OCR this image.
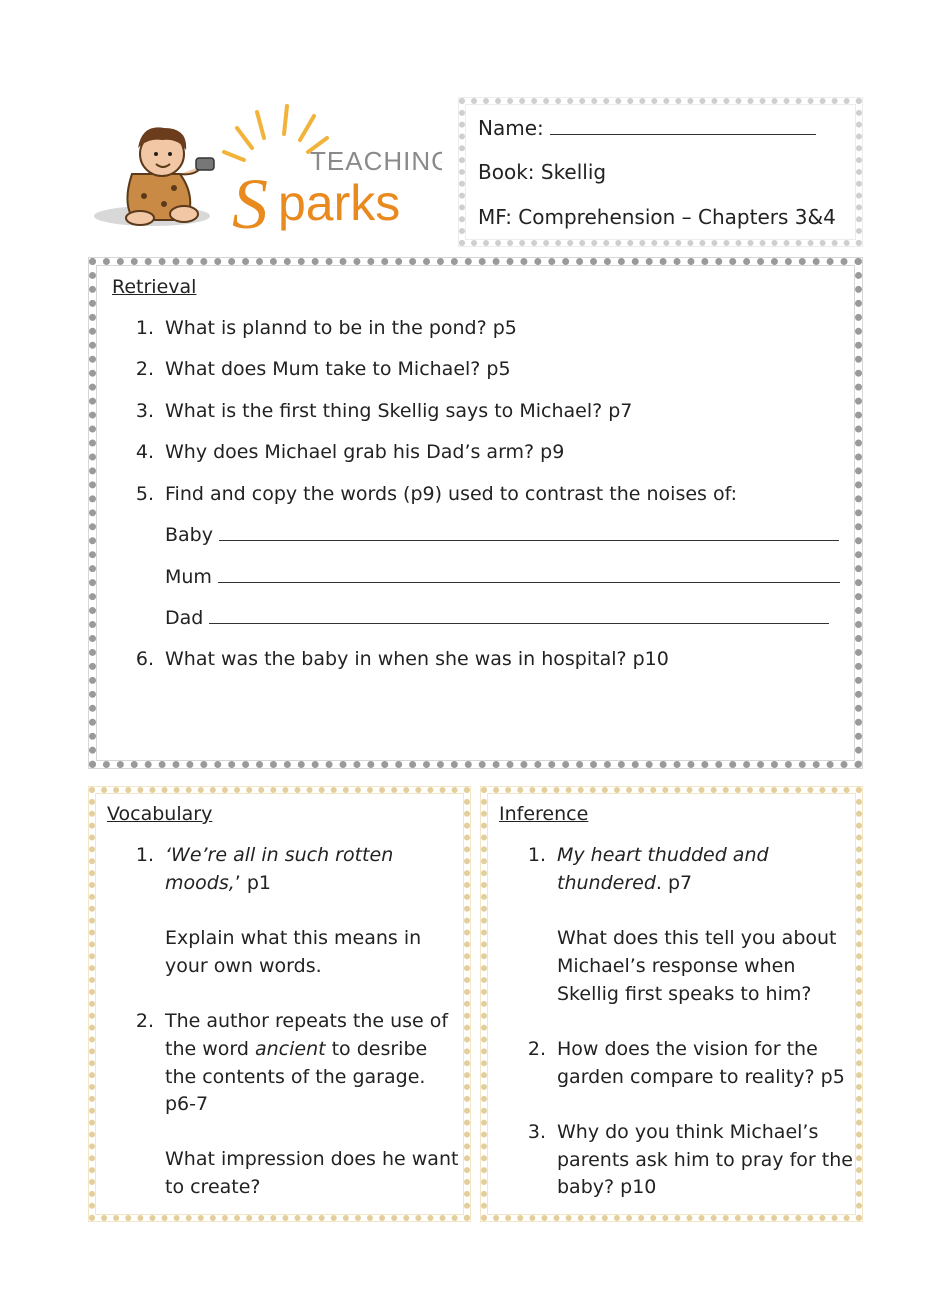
TEACHING
S parks
Name:
Book: Skellig
MF: Comprehension – Chapters 3&4
Retrieval
1. What is plannd to be in the pond? p5
2. What does Mum take to Michael? p5
3. What is the first thing Skellig says to Michael? p7
4. Why does Michael grab his Dad’s arm? p9
5. Find and copy the words (p9) used to contrast the noises of:
Baby
Mum
Dad
6. What was the baby in when she was in hospital? p10
Vocabulary
1. ‘We’re all in such rotten
moods,’ p1
Explain what this means in
your own words.
2. The author repeats the use of
the word ancient to desribe
the contents of the garage.
p6-7
What impression does he want
to create?
Inference
1. My heart thudded and
thundered. p7
What does this tell you about
Michael’s response when
Skellig first speaks to him?
2. How does the vision for the
garden compare to reality? p5
3. Why do you think Michael’s
parents ask him to pray for the
baby? p10
